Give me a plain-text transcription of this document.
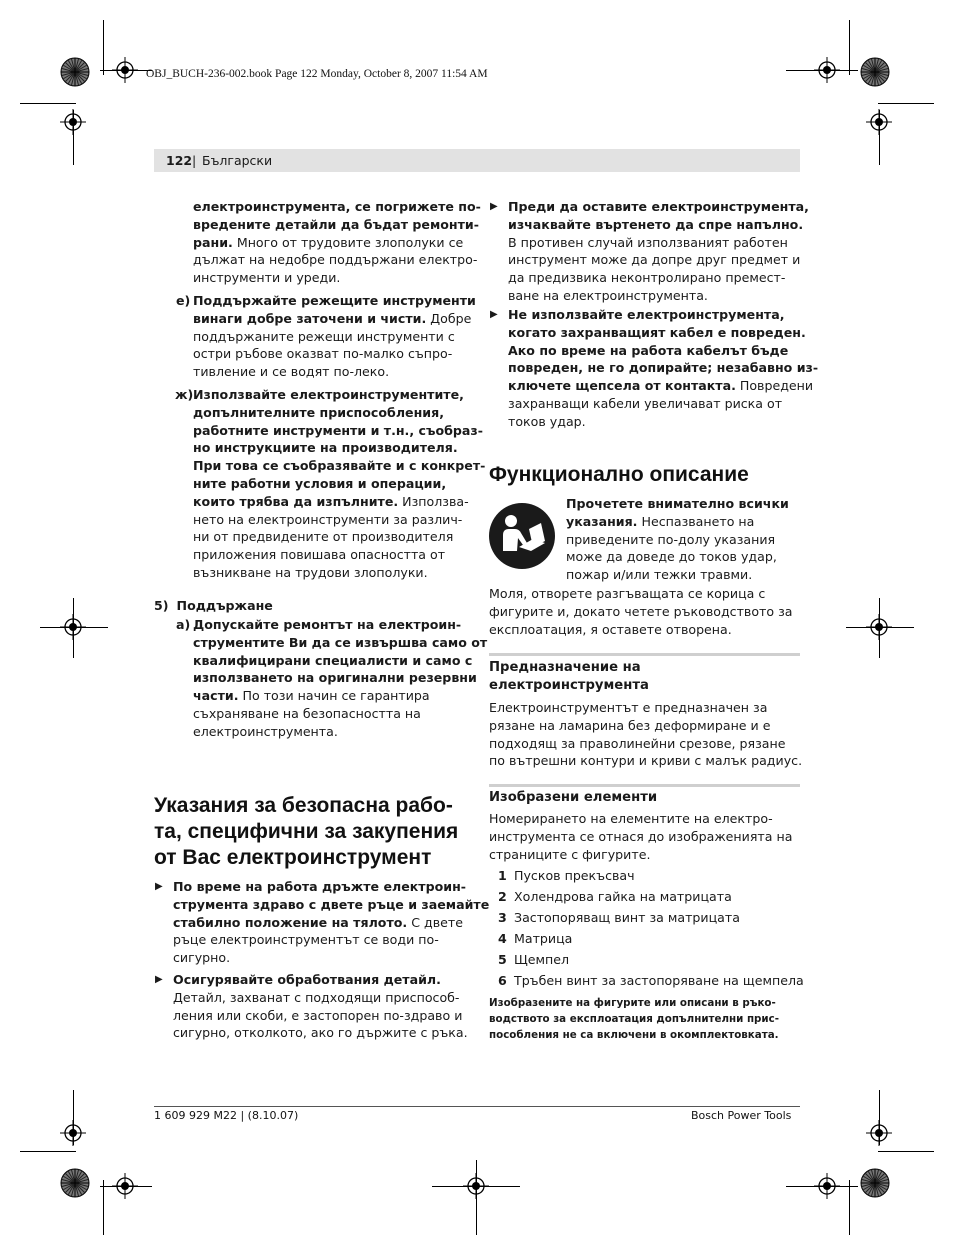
OBJ_BUCH-236-002.book Page 122 Monday, October 8, 2007 11:54 AM
122 | Български
електроинструмента, се погрижете по-
вредените детайли да бъдат ремонти-
рани. Много от трудовите злополуки се
дължат на недобре поддържани електро-
инструменти и уреди.
e) Поддържайте режещите инструменти
винаги добре заточени и чисти. Добре
поддържаните режещи инструменти с
остри ръбове оказват по-малко съпро-
тивление и се водят по-леко.
ж) Използвайте електроинструментите,
допълнителните приспособления,
работните инструменти и т.н., съобраз-
но инструкциите на производителя.
При това се съобразявайте и с конкрет-
ните работни условия и операции,
които трябва да изпълните. Използва-
нето на електроинструменти за различ-
ни от предвидените от производителя
приложения повишава опасността от
възникване на трудови злополуки.
5) Поддържане
a) Допускайте ремонтът на електроин-
струментите Ви да се извършва само от
квалифицирани специалисти и само с
използването на оригинални резервни
части. По този начин се гарантира
съхраняване на безопасността на
електроинструмента.
Указания за безопасна рабо-
та, специфични за закупения
от Вас електроинструмент
▶ По време на работа дръжте електроин-
струмента здраво с двете ръце и заемайте
стабилно положение на тялото. С двете
ръце електроинструментът се води по-
сигурно.
▶ Осигурявайте обработвания детайл.
Детайл, захванат с подходящи приспособ-
ления или скоби, е застопорен по-здраво и
сигурно, отколкото, ако го държите с ръка.
▶ Преди да оставите електроинструмента,
изчаквайте въртенето да спре напълно.
В противен случай използваният работен
инструмент може да допре друг предмет и
да предизвика неконтролирано премест-
ване на електроинструмента.
▶ Не използвайте електроинструмента,
когато захранващият кабел е повреден.
Ако по време на работа кабелът бъде
повреден, не го допирайте; незабавно из-
ключете щепсела от контакта. Повредени
захранващи кабели увеличават риска от
токов удар.
Функционално описание
Прочетете внимателно всички
указания. Неспазването на
приведените по-долу указания
може да доведе до токов удар,
пожар и/или тежки травми.
Моля, отворете разгъващата се корица с
фигурите и, докато четете ръководството за
експлоатация, я оставете отворена.
Предназначение на
електроинструмента
Електроинструментът е предназначен за
рязане на ламарина без деформиране и е
подходящ за праволинейни срезове, рязане
по вътрешни контури и криви с малък радиус.
Изобразени елементи
Номерирането на елементите на електро-
инструмента се отнася до изображенията на
страниците с фигурите.
1 Пусков прекъсвач
2 Холендрова гайка на матрицата
3 Застопоряващ винт за матрицата
4 Матрица
5 Щемпел
6 Тръбен винт за застопоряване на щемпела
Изобразените на фигурите или описани в ръко-
водството за експлоатация допълнителни прис-
пособления не са включени в окомплектовката.
1 609 929 M22 | (8.10.07)	Bosch Power Tools
